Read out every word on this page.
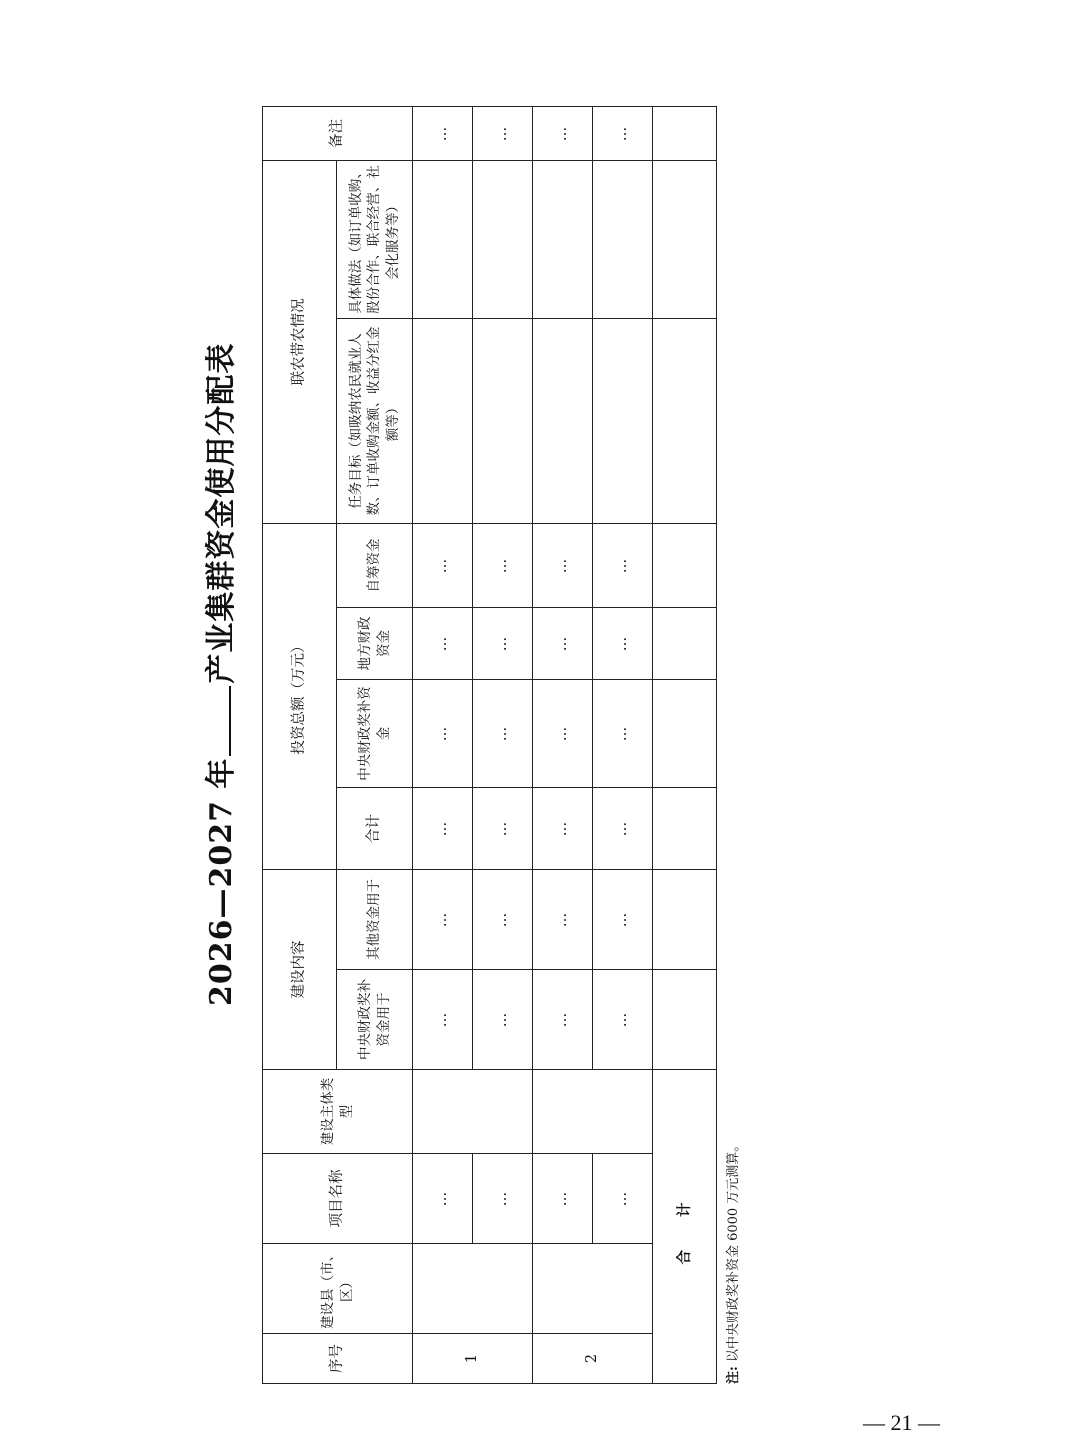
2026—2027 年产业集群资金使用分配表
序号	建设县（市、区）	项目名称	建设主体类型	建设内容		投资总额（万元）				联农带农情况		备注
				中央财政奖补资金用于	其他资金用于	合计	中央财政奖补资金	地方财政资金	自筹资金	任务目标（如吸纳农民就业人数、订单收购金额、收益分红金额等）	具体做法（如订单收购、股份合作、联合经营、社会化服务等）	
1		…		…	…	…	…	…	…			…
		…		…	…	…	…	…	…			…
2		…		…	…	…	…	…	…			…
		…		…	…	…	…	…	…			…
合 计												
注: 以中央财政奖补资金 6000 万元测算。
— 21 —
